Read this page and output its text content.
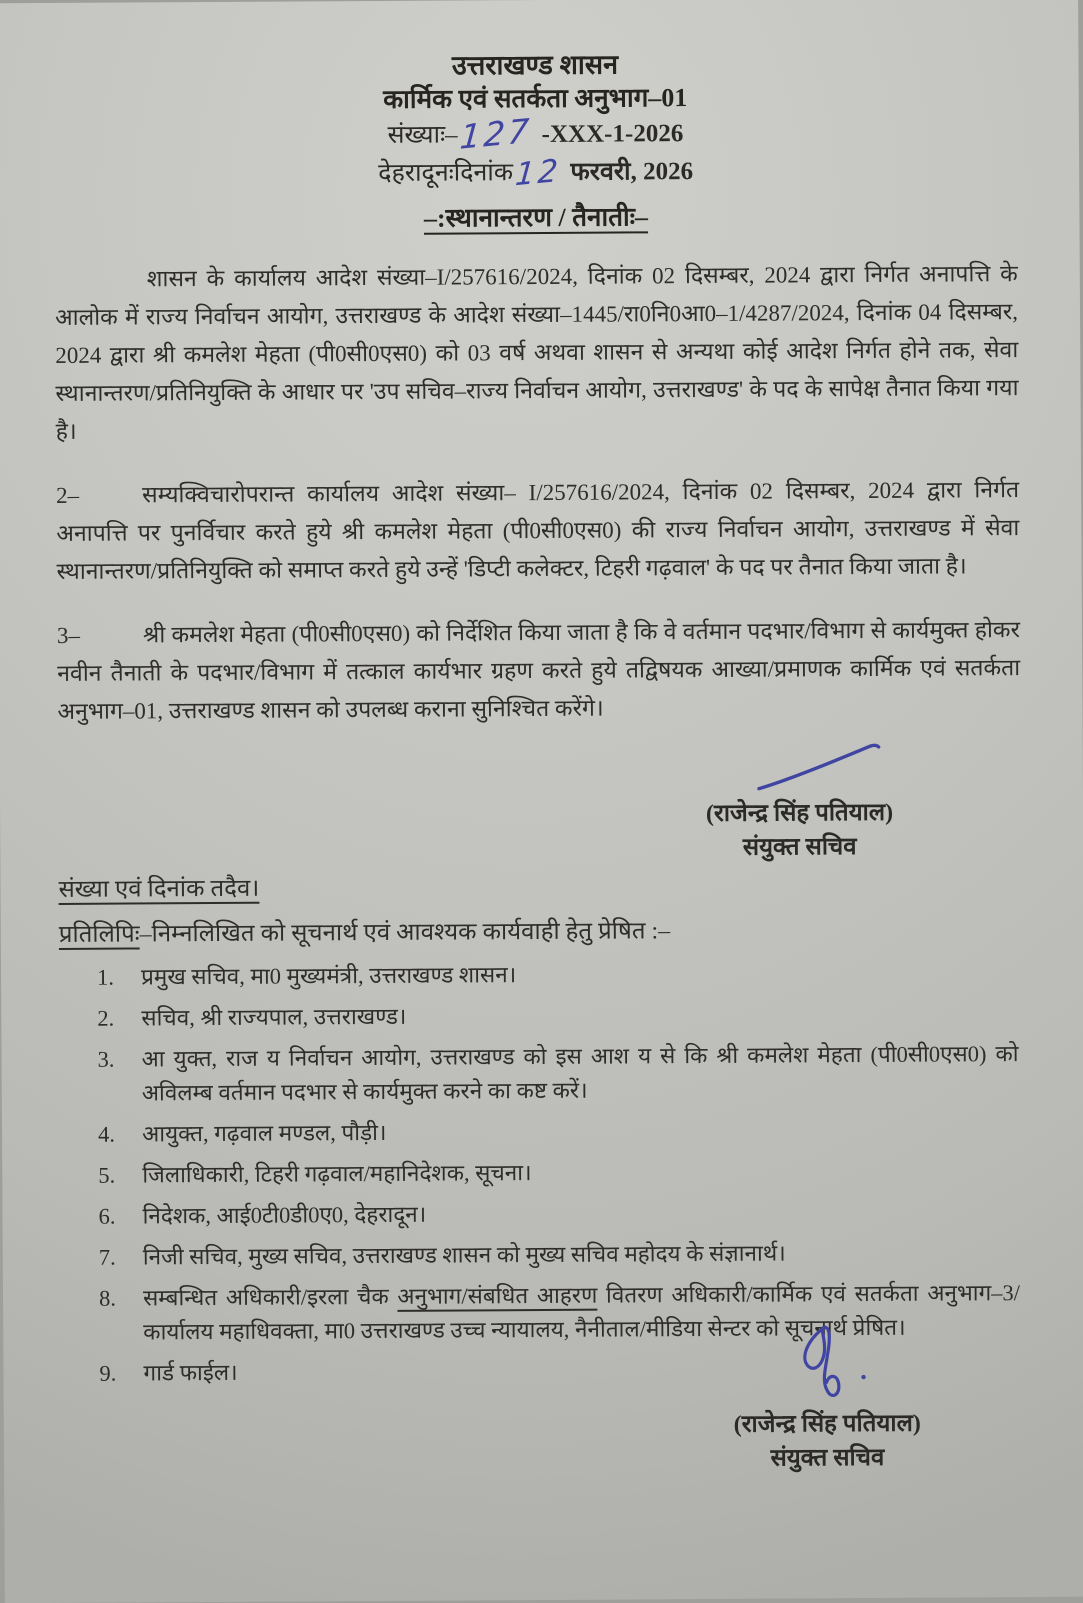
उत्तराखण्ड शासन
कार्मिक एवं सतर्कता अनुभाग–01
संख्याः–127 -XXX-1-2026
देहरादूनःदिनांक12 फरवरी, 2026
–:स्थानान्तरण / तैनातीः–

शासन के कार्यालय आदेश संख्या–I/257616/2024, दिनांक 02 दिसम्बर, 2024 द्वारा निर्गत अनापत्ति के आलोक में राज्य निर्वाचन आयोग, उत्तराखण्ड के आदेश संख्या–1445/रा0नि0आ0–1/4287/2024, दिनांक 04 दिसम्बर, 2024 द्वारा श्री कमलेश मेहता (पी0सी0एस0) को 03 वर्ष अथवा शासन से अन्यथा कोई आदेश निर्गत होने तक, सेवा स्थानान्तरण/प्रतिनियुक्ति के आधार पर 'उप सचिव–राज्य निर्वाचन आयोग, उत्तराखण्ड' के पद के सापेक्ष तैनात किया गया है।

2–	सम्यक्विचारोपरान्त कार्यालय आदेश संख्या– I/257616/2024, दिनांक 02 दिसम्बर, 2024 द्वारा निर्गत अनापत्ति पर पुनर्विचार करते हुये श्री कमलेश मेहता (पी0सी0एस0) की राज्य निर्वाचन आयोग, उत्तराखण्ड में सेवा स्थानान्तरण/प्रतिनियुक्ति को समाप्त करते हुये उन्हें 'डिप्टी कलेक्टर, टिहरी गढ़वाल' के पद पर तैनात किया जाता है।

3–	श्री कमलेश मेहता (पी0सी0एस0) को निर्देशित किया जाता है कि वे वर्तमान पदभार/विभाग से कार्यमुक्त होकर नवीन तैनाती के पदभार/विभाग में तत्काल कार्यभार ग्रहण करते हुये तद्विषयक आख्या/प्रमाणक कार्मिक एवं सतर्कता अनुभाग–01, उत्तराखण्ड शासन को उपलब्ध कराना सुनिश्चित करेंगे।

(राजेन्द्र सिंह पतियाल)
संयुक्त सचिव
संख्या एवं दिनांक तदैव।
प्रतिलिपिः–निम्नलिखित को सूचनार्थ एवं आवश्यक कार्यवाही हेतु प्रेषित :–
1.	प्रमुख सचिव, मा0 मुख्यमंत्री, उत्तराखण्ड शासन।
2.	सचिव, श्री राज्यपाल, उत्तराखण्ड।
3.	आ युक्त, राज य निर्वाचन आयोग, उत्तराखण्ड को इस आश य से कि श्री कमलेश मेहता (पी0सी0एस0) को अविलम्ब वर्तमान पदभार से कार्यमुक्त करने का कष्ट करें।
4.	आयुक्त, गढ़वाल मण्डल, पौड़ी।
5.	जिलाधिकारी, टिहरी गढ़वाल/महानिदेशक, सूचना।
6.	निदेशक, आई0टी0डी0ए0, देहरादून।
7.	निजी सचिव, मुख्य सचिव, उत्तराखण्ड शासन को मुख्य सचिव महोदय के संज्ञानार्थ।
8.	सम्बन्धित अधिकारी/इरला चैक अनुभाग/संबधित आहरण वितरण अधिकारी/कार्मिक एवं सतर्कता अनुभाग–3/कार्यालय महाधिवक्ता, मा0 उत्तराखण्ड उच्च न्यायालय, नैनीताल/मीडिया सेन्टर को सूचनार्थ प्रेषित।
9.	गार्ड फाईल।
(राजेन्द्र सिंह पतियाल)
संयुक्त सचिव
